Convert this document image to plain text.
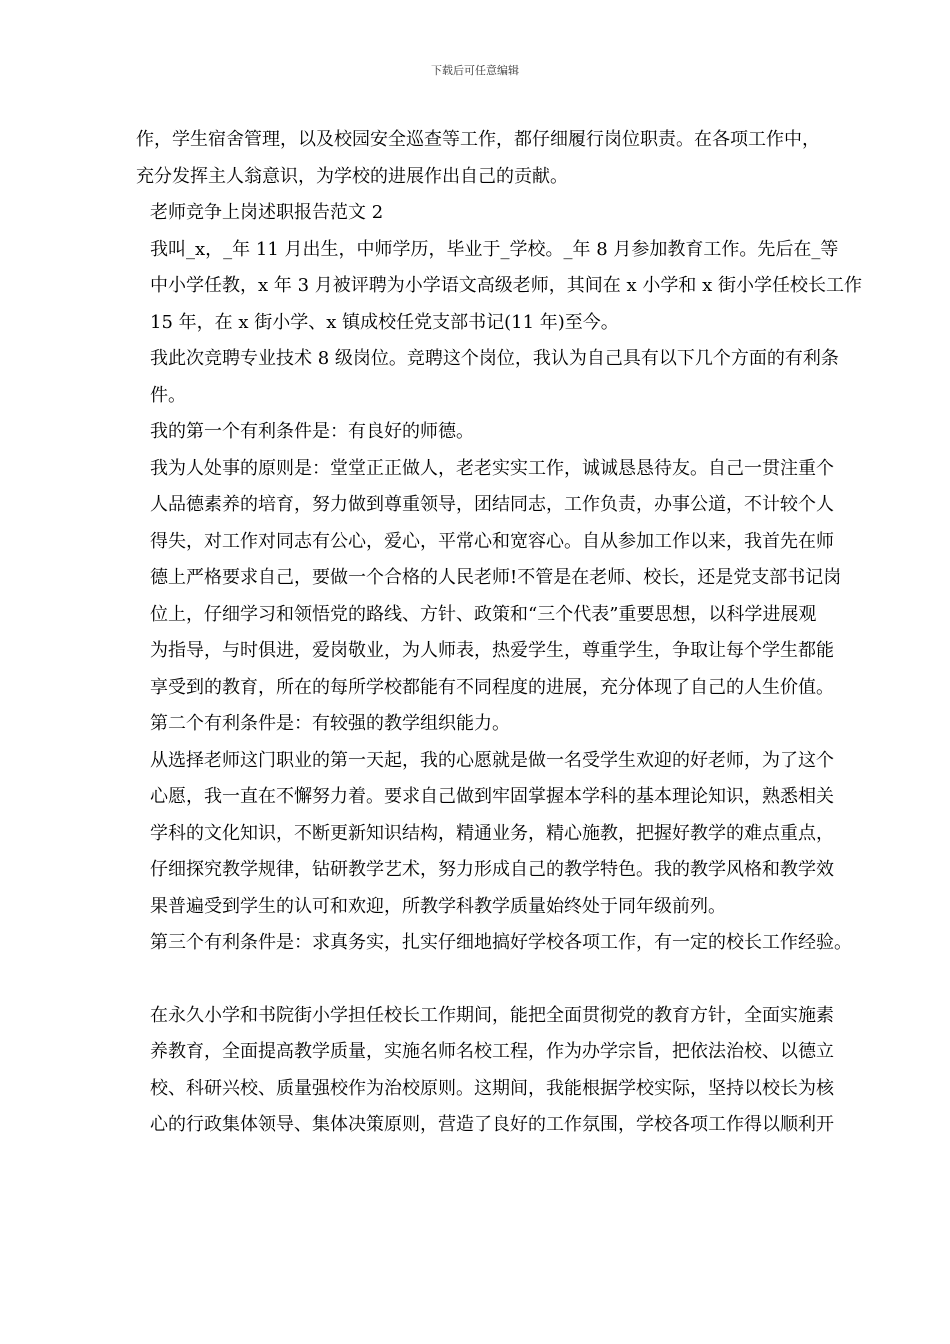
下载后可任意编辑

作，学生宿舍管理，以及校园安全巡查等工作，都仔细履行岗位职责。在各项工作中，
充分发挥主人翁意识，为学校的进展作出自己的贡献。

老师竞争上岗述职报告范文 2

我叫_x，_年 11 月出生，中师学历，毕业于_学校。_年 8 月参加教育工作。先后在_等
中小学任教，x 年 3 月被评聘为小学语文高级老师，其间在 x 小学和 x 街小学任校长工作
15 年，在 x 街小学、x 镇成校任党支部书记(11 年)至今。

我此次竞聘专业技术 8 级岗位。竞聘这个岗位，我认为自己具有以下几个方面的有利条
件。

我的第一个有利条件是：有良好的师德。

我为人处事的原则是：堂堂正正做人，老老实实工作，诚诚恳恳待友。自己一贯注重个
人品德素养的培育，努力做到尊重领导，团结同志，工作负责，办事公道，不计较个人
得失，对工作对同志有公心，爱心，平常心和宽容心。自从参加工作以来，我首先在师
德上严格要求自己，要做一个合格的人民老师!不管是在老师、校长，还是党支部书记岗
位上，仔细学习和领悟党的路线、方针、政策和“三个代表”重要思想，以科学进展观
为指导，与时俱进，爱岗敬业，为人师表，热爱学生，尊重学生，争取让每个学生都能
享受到的教育，所在的每所学校都能有不同程度的进展，充分体现了自己的人生价值。

第二个有利条件是：有较强的教学组织能力。

从选择老师这门职业的第一天起，我的心愿就是做一名受学生欢迎的好老师，为了这个
心愿，我一直在不懈努力着。要求自己做到牢固掌握本学科的基本理论知识，熟悉相关
学科的文化知识，不断更新知识结构，精通业务，精心施教，把握好教学的难点重点，
仔细探究教学规律，钻研教学艺术，努力形成自己的教学特色。我的教学风格和教学效
果普遍受到学生的认可和欢迎，所教学科教学质量始终处于同年级前列。

第三个有利条件是：求真务实，扎实仔细地搞好学校各项工作，有一定的校长工作经验。

在永久小学和书院街小学担任校长工作期间，能把全面贯彻党的教育方针，全面实施素
养教育，全面提高教学质量，实施名师名校工程，作为办学宗旨，把依法治校、以德立
校、科研兴校、质量强校作为治校原则。这期间，我能根据学校实际，坚持以校长为核
心的行政集体领导、集体决策原则，营造了良好的工作氛围，学校各项工作得以顺利开
